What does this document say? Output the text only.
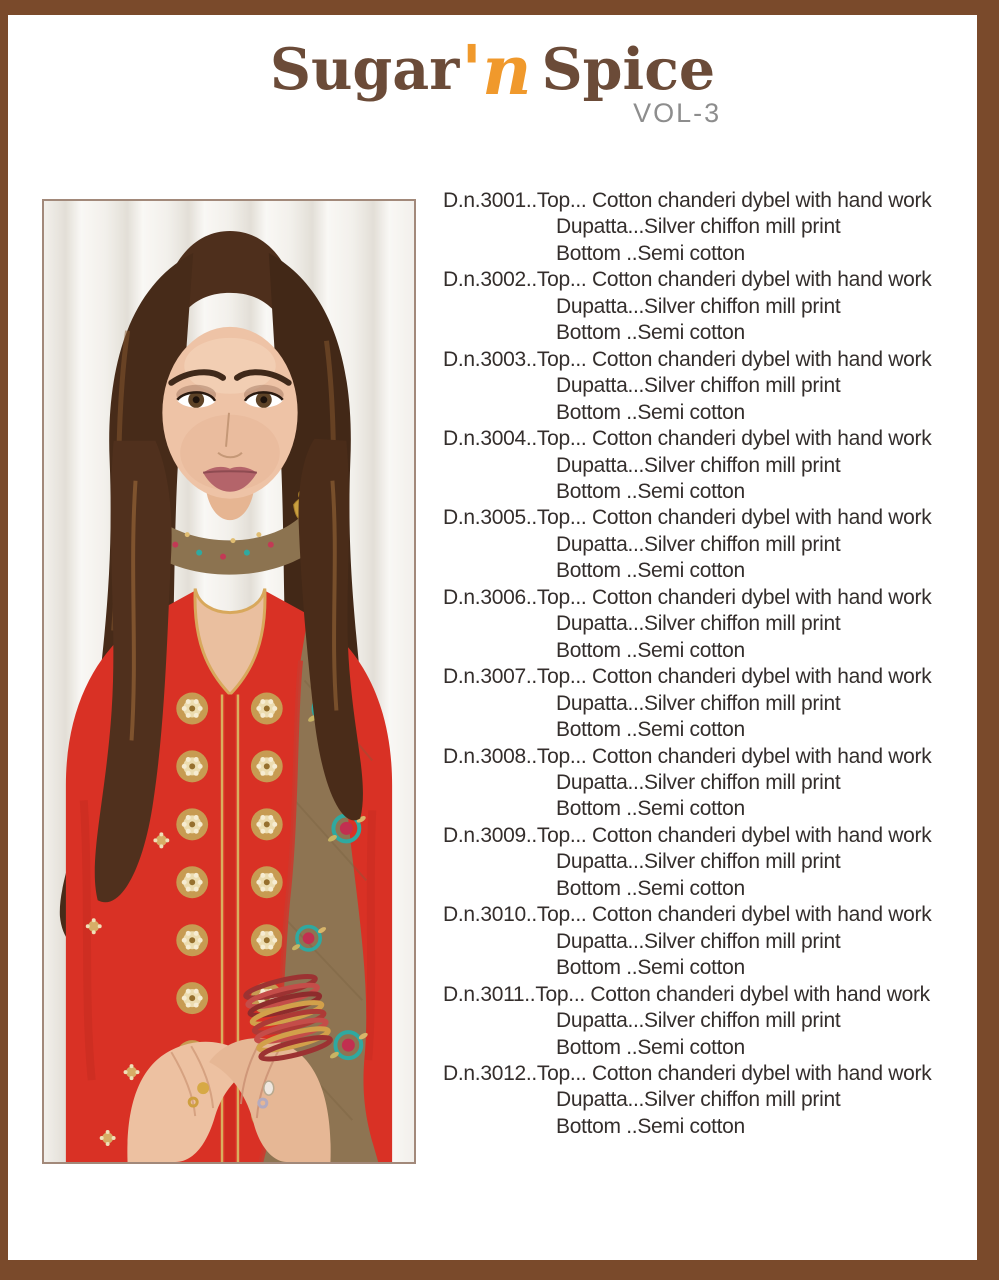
Sugar'n Spice
VOL-3
D.n.3001..Top... Cotton chanderi dybel with hand work
Dupatta...Silver chiffon mill print
Bottom ..Semi cotton
D.n.3002..Top... Cotton chanderi dybel with hand work
Dupatta...Silver chiffon mill print
Bottom ..Semi cotton
D.n.3003..Top... Cotton chanderi dybel with hand work
Dupatta...Silver chiffon mill print
Bottom ..Semi cotton
D.n.3004..Top... Cotton chanderi dybel with hand work
Dupatta...Silver chiffon mill print
Bottom ..Semi cotton
D.n.3005..Top... Cotton chanderi dybel with hand work
Dupatta...Silver chiffon mill print
Bottom ..Semi cotton
D.n.3006..Top... Cotton chanderi dybel with hand work
Dupatta...Silver chiffon mill print
Bottom ..Semi cotton
D.n.3007..Top... Cotton chanderi dybel with hand work
Dupatta...Silver chiffon mill print
Bottom ..Semi cotton
D.n.3008..Top... Cotton chanderi dybel with hand work
Dupatta...Silver chiffon mill print
Bottom ..Semi cotton
D.n.3009..Top... Cotton chanderi dybel with hand work
Dupatta...Silver chiffon mill print
Bottom ..Semi cotton
D.n.3010..Top... Cotton chanderi dybel with hand work
Dupatta...Silver chiffon mill print
Bottom ..Semi cotton
D.n.3011..Top... Cotton chanderi dybel with hand work
Dupatta...Silver chiffon mill print
Bottom ..Semi cotton
D.n.3012..Top... Cotton chanderi dybel with hand work
Dupatta...Silver chiffon mill print
Bottom ..Semi cotton
